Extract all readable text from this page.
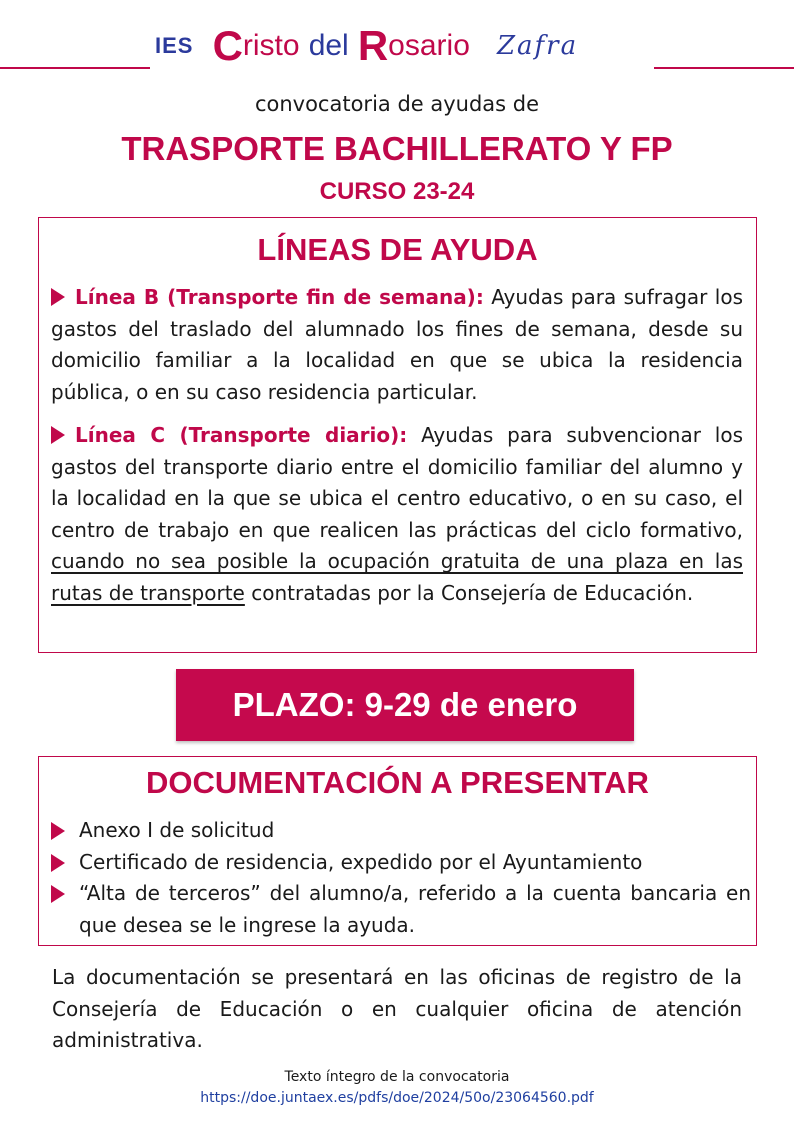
IES Cristo del Rosario Zafra
convocatoria de ayudas de
TRASPORTE BACHILLERATO Y FP
CURSO 23-24
LÍNEAS DE AYUDA
Línea B (Transporte fin de semana): Ayudas para sufragar los gastos del traslado del alumnado los fines de semana, desde su domicilio familiar a la localidad en que se ubica la residencia pública, o en su caso residencia particular.
Línea C (Transporte diario): Ayudas para subvencionar los gastos del transporte diario entre el domicilio familiar del alumno y la localidad en la que se ubica el centro educativo, o en su caso, el centro de trabajo en que realicen las prácticas del ciclo formativo, cuando no sea posible la ocupación gratuita de una plaza en las rutas de transporte contratadas por la Consejería de Educación.
PLAZO: 9-29 de enero
DOCUMENTACIÓN A PRESENTAR
Anexo I de solicitud
Certificado de residencia, expedido por el Ayuntamiento
“Alta de terceros” del alumno/a, referido a la cuenta bancaria en que desea se le ingrese la ayuda.
La documentación se presentará en las oficinas de registro de la Consejería de Educación o en cualquier oficina de atención administrativa.
Texto íntegro de la convocatoria
https://doe.juntaex.es/pdfs/doe/2024/50o/23064560.pdf
